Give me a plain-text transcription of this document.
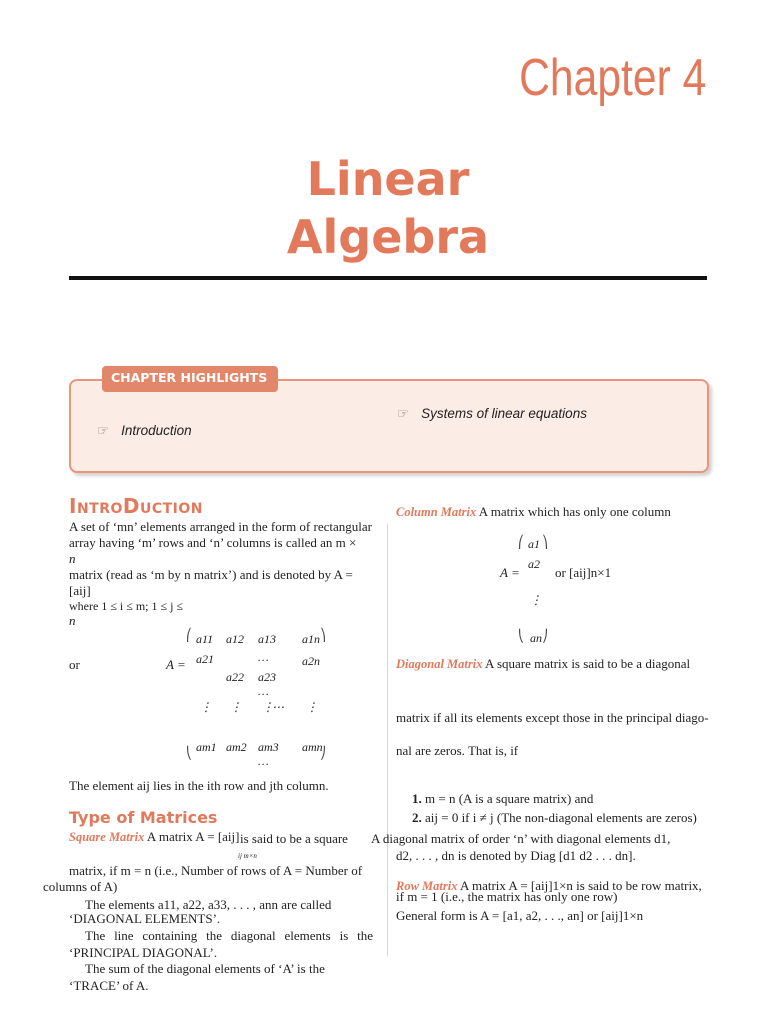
Chapter 4
Linear
Algebra
CHAPTER HIGHLIGHTS
☞ Introduction
☞ Systems of linear equations
IntroDuction
A set of ‘mn’ elements arranged in the form of rectangular
array having ‘m’ rows and ‘n’ columns is called an m ×
n
matrix (read as ‘m by n matrix’) and is denoted by A =
[aij]
where 1 ≤ i ≤ m; 1 ≤ j ≤
n
or	A =
⎛
⎝
⎞
⎠
a11 a12 a13
…
a1n
a21
a22 a23
…
a2n
⋮ ⋮ ⋮
⋯ ⋮
am1 am2 am3
…
amn
The element aij lies in the ith row and jth column.
Type of Matrices
Square Matrix A matrix A = [aij] is said to be a square
ij m×n
matrix, if m = n (i.e., Number of rows of A = Number of
columns of A)
The elements a11, a22, a33, . . . , ann are called
‘DIAGONAL ELEMENTS’.
The line containing the diagonal elements is the
‘PRINCIPAL DIAGONAL’.
The sum of the diagonal elements of ‘A’ is the
‘TRACE’ of A.
Column Matrix A matrix which has only one column
A =
⎛
⎝
⎞
⎠
a1
a2
⋮
an
or [aij]n×1
Diagonal Matrix A square matrix is said to be a diagonal
matrix if all its elements except those in the principal diago-
nal are zeros. That is, if
1. m = n (A is a square matrix) and
2. aij = 0 if i ≠ j (The non-diagonal elements are zeros)
A diagonal matrix of order ‘n’ with diagonal elements d1,
d2, . . . , dn is denoted by Diag [d1 d2 . . . dn].
Row Matrix A matrix A = [aij]1×n is said to be row matrix,
if m = 1 (i.e., the matrix has only one row)
General form is A = [a1, a2, . . ., an] or [aij]1×n
